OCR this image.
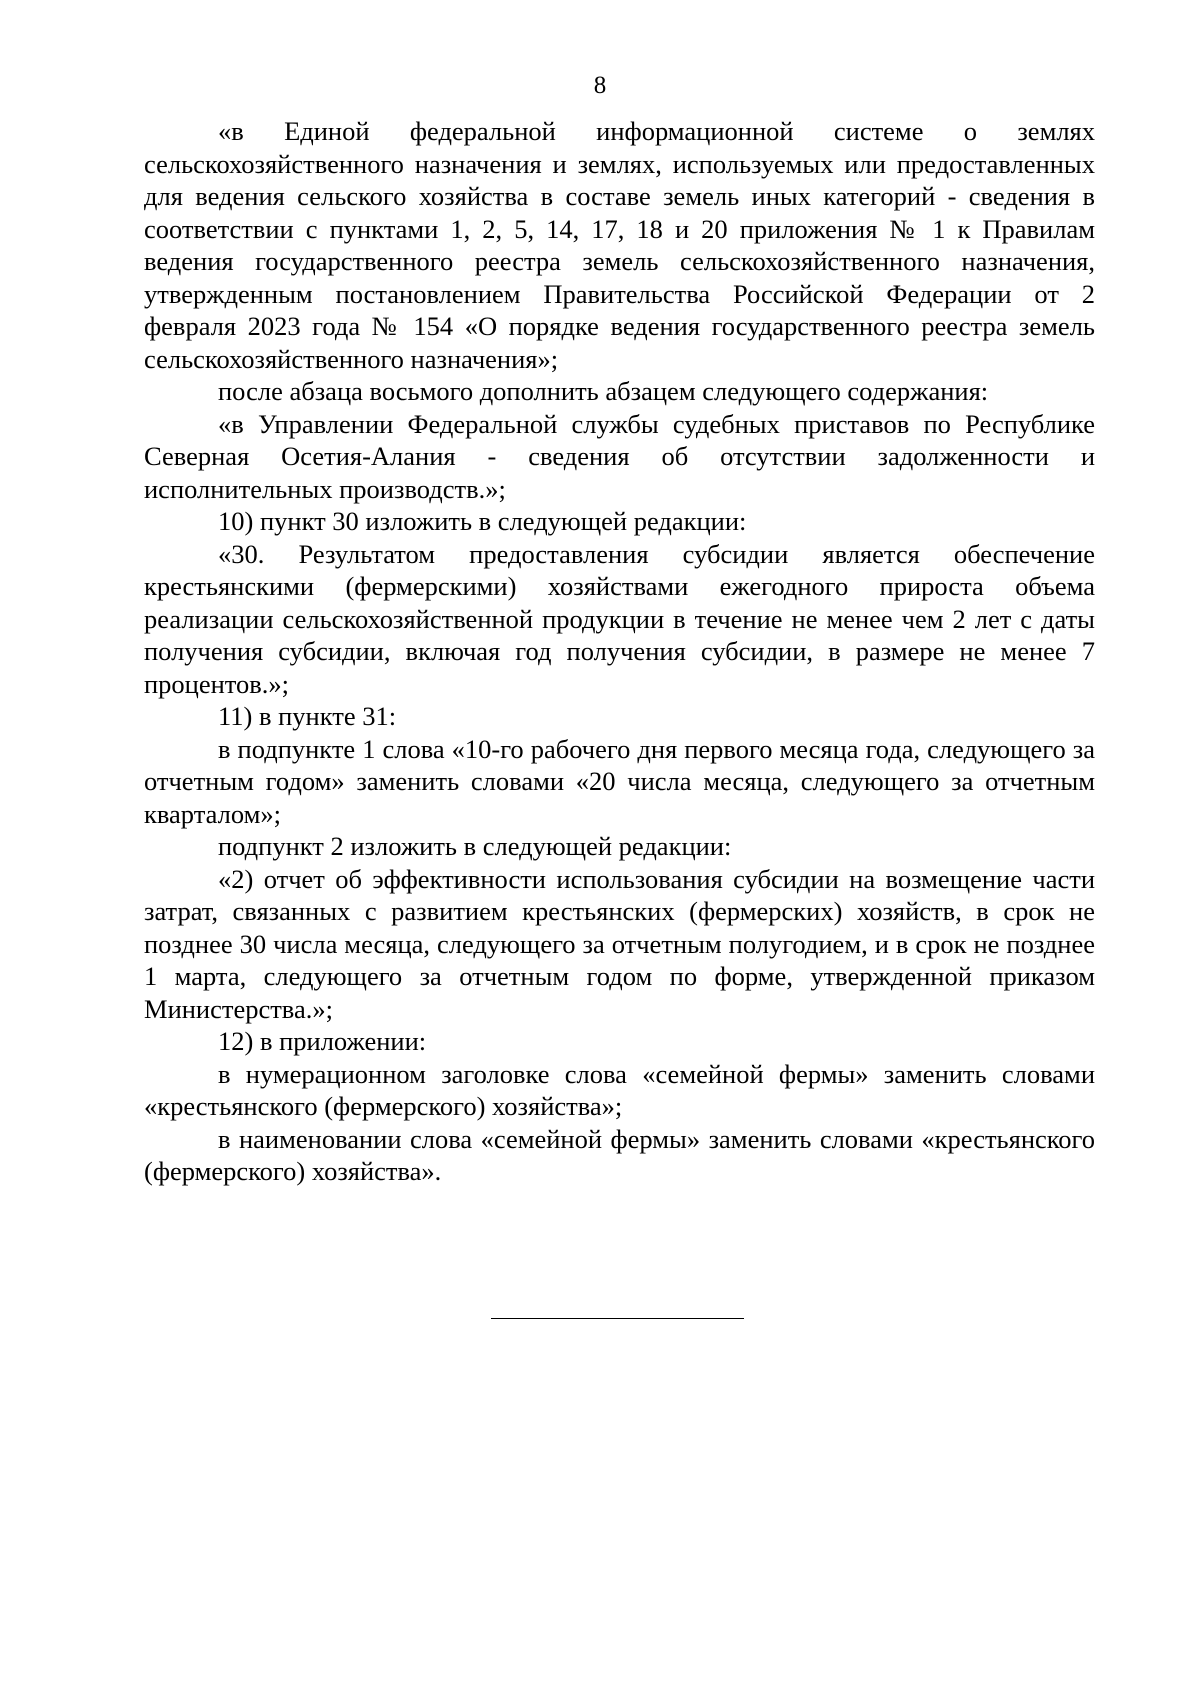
8

«в Единой федеральной информационной системе о землях сельскохозяйственного назначения и землях, используемых или предоставленных для ведения сельского хозяйства в составе земель иных категорий - сведения в соответствии с пунктами 1, 2, 5, 14, 17, 18 и 20 приложения № 1 к Правилам ведения государственного реестра земель сельскохозяйственного назначения, утвержденным постановлением Правительства Российской Федерации от 2 февраля 2023 года № 154 «О порядке ведения государственного реестра земель сельскохозяйственного назначения»;

после абзаца восьмого дополнить абзацем следующего содержания:

«в Управлении Федеральной службы судебных приставов по Республике Северная Осетия-Алания - сведения об отсутствии задолженности и исполнительных производств.»;

10) пункт 30 изложить в следующей редакции:

«30. Результатом предоставления субсидии является обеспечение крестьянскими (фермерскими) хозяйствами ежегодного прироста объема реализации сельскохозяйственной продукции в течение не менее чем 2 лет с даты получения субсидии, включая год получения субсидии, в размере не менее 7 процентов.»;

11) в пункте 31:

в подпункте 1 слова «10-го рабочего дня первого месяца года, следующего за отчетным годом» заменить словами «20 числа месяца, следующего за отчетным кварталом»;

подпункт 2 изложить в следующей редакции:

«2) отчет об эффективности использования субсидии на возмещение части затрат, связанных с развитием крестьянских (фермерских) хозяйств, в срок не позднее 30 числа месяца, следующего за отчетным полугодием, и в срок не позднее 1 марта, следующего за отчетным годом по форме, утвержденной приказом Министерства.»;

12) в приложении:

в нумерационном заголовке слова «семейной фермы» заменить словами «крестьянского (фермерского) хозяйства»;

в наименовании слова «семейной фермы» заменить словами «крестьянского (фермерского) хозяйства».
